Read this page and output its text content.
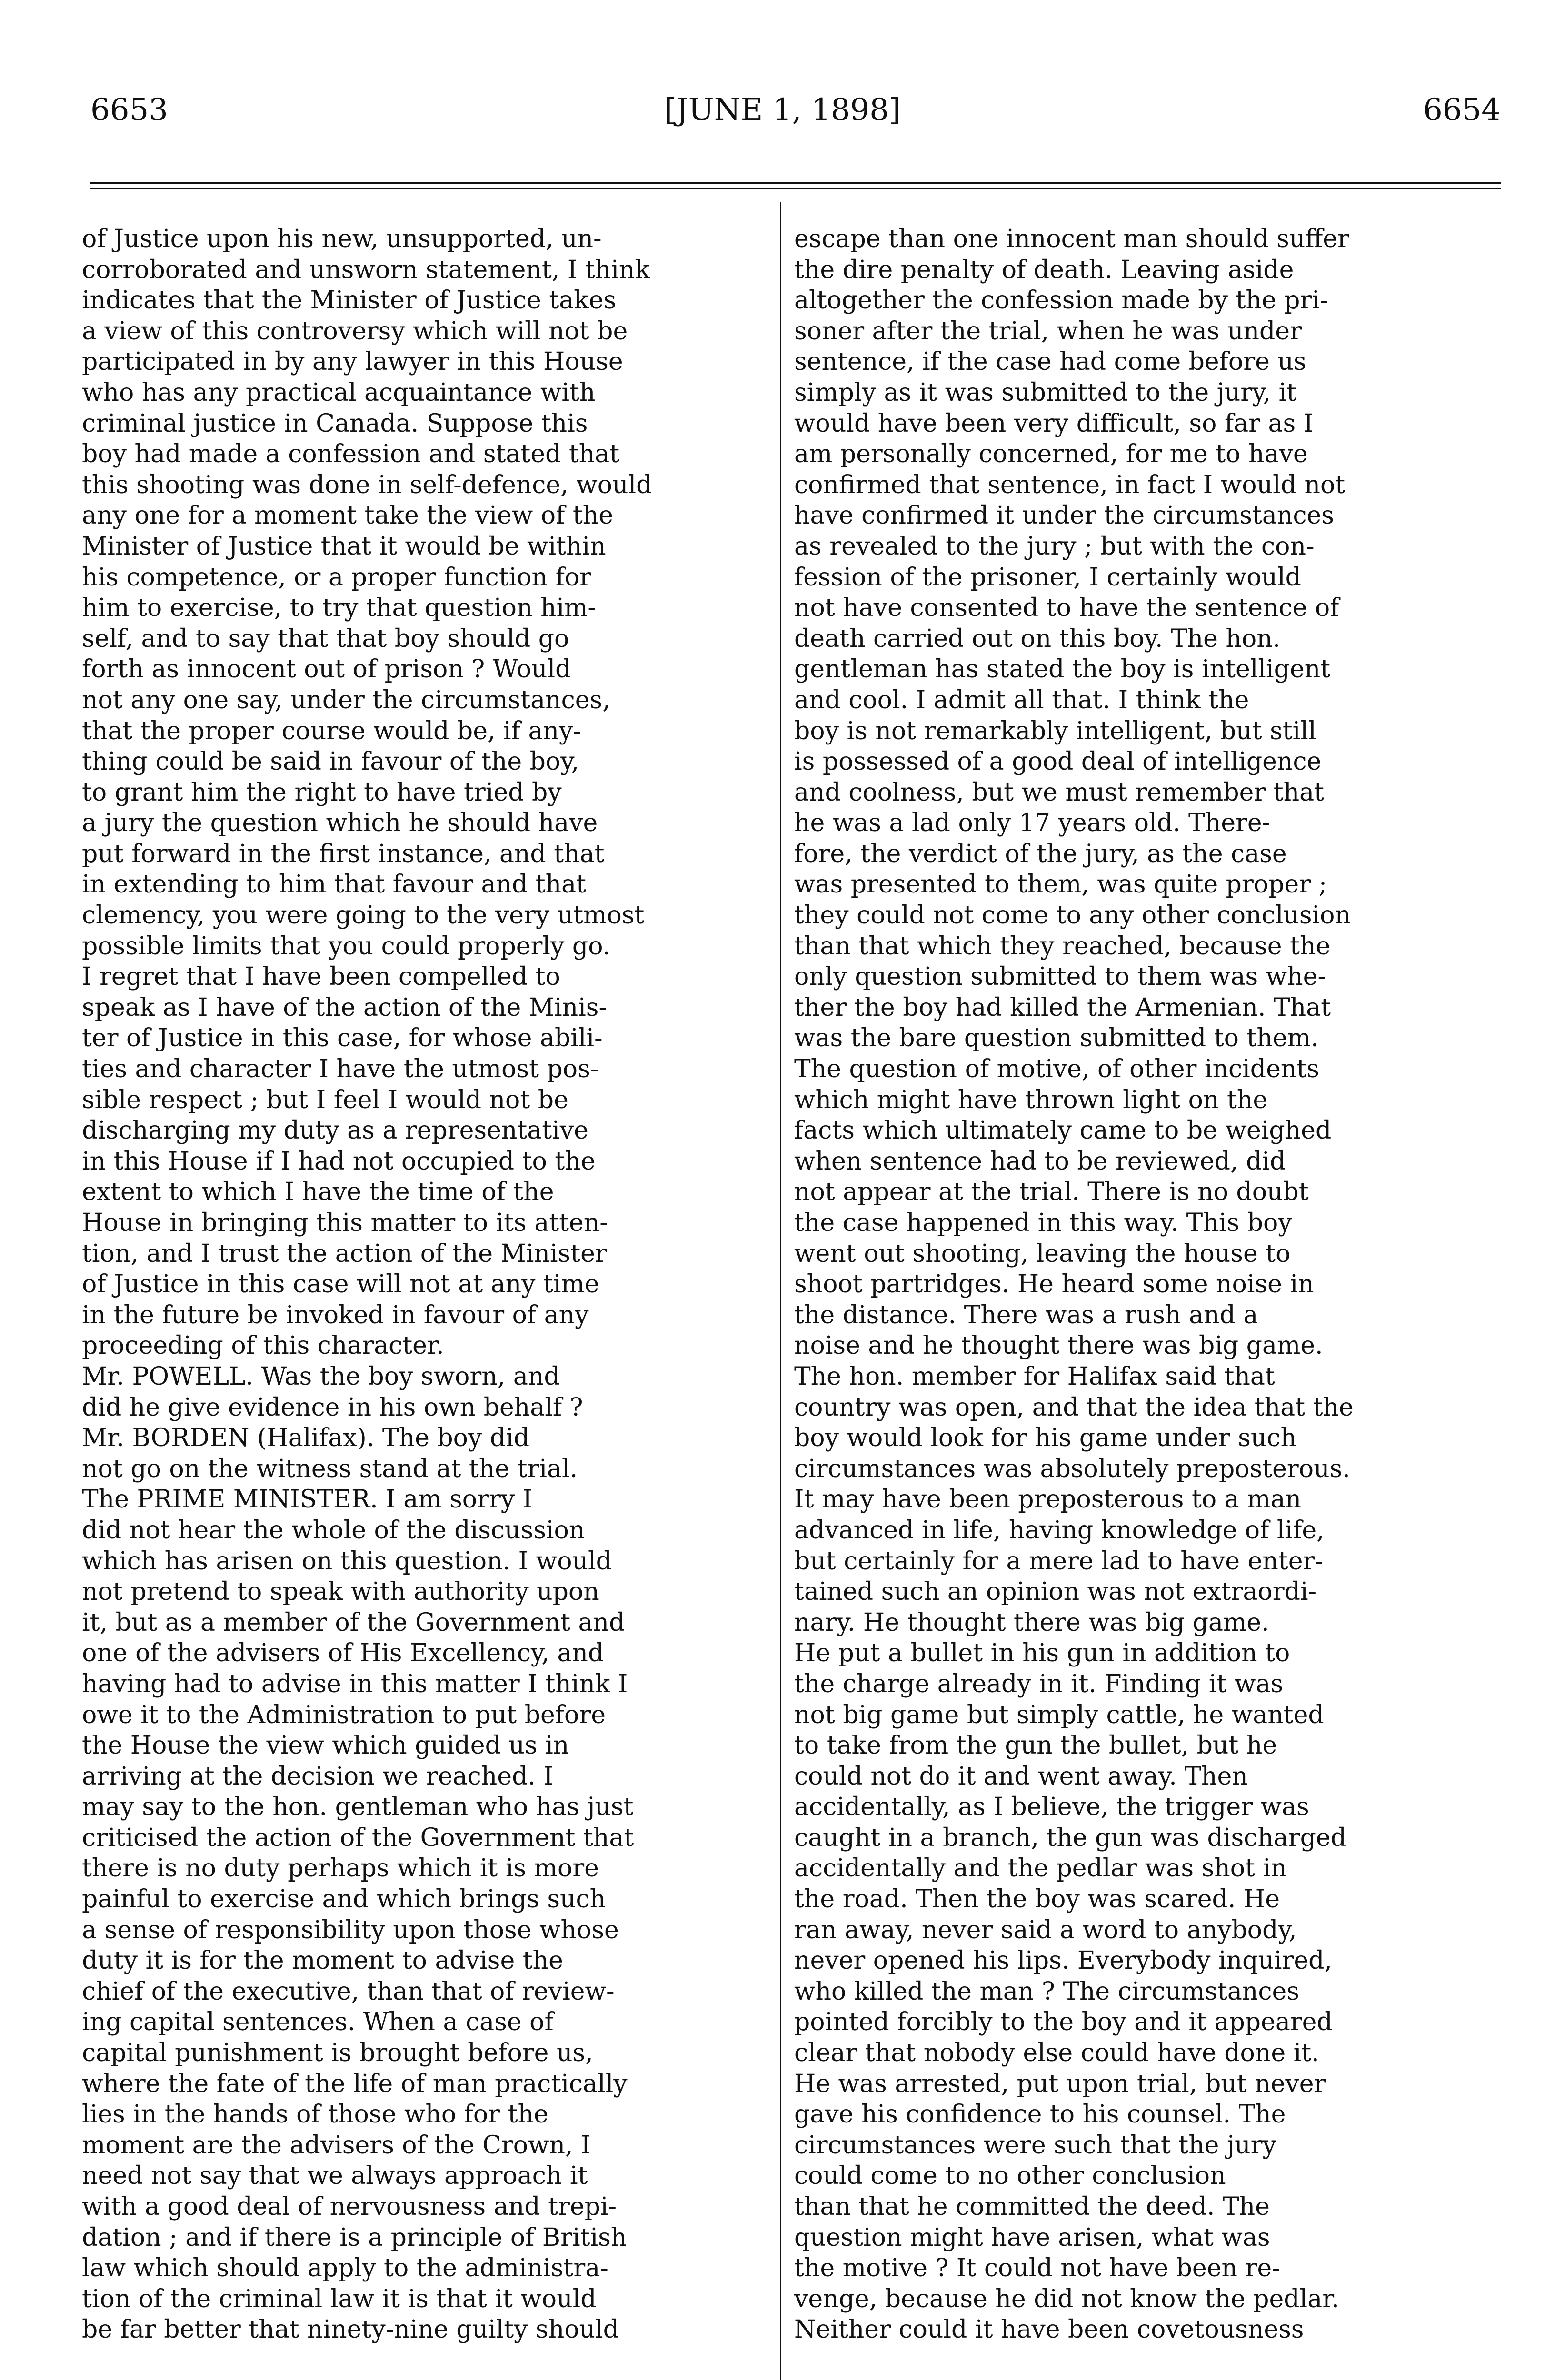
6653	[JUNE 1, 1898]	6654

of Justice upon his new, unsupported, un-

corroborated and unsworn statement, I think

indicates that the Minister of Justice takes

a view of this controversy which will not be

participated in by any lawyer in this House

who has any practical acquaintance with

criminal justice in Canada. Suppose this

boy had made a confession and stated that

this shooting was done in self-defence, would

any one for a moment take the view of the

Minister of Justice that it would be within

his competence, or a proper function for

him to exercise, to try that question him-

self, and to say that that boy should go

forth as innocent out of prison ? Would

not any one say, under the circumstances,

that the proper course would be, if any-

thing could be said in favour of the boy,

to grant him the right to have tried by

a jury the question which he should have

put forward in the first instance, and that

in extending to him that favour and that

clemency, you were going to the very utmost

possible limits that you could properly go.

I regret that I have been compelled to

speak as I have of the action of the Minis-

ter of Justice in this case, for whose abili-

ties and character I have the utmost pos-

sible respect ; but I feel I would not be

discharging my duty as a representative

in this House if I had not occupied to the

extent to which I have the time of the

House in bringing this matter to its atten-

tion, and I trust the action of the Minister

of Justice in this case will not at any time

in the future be invoked in favour of any

proceeding of this character.

Mr. POWELL. Was the boy sworn, and

did he give evidence in his own behalf ?

Mr. BORDEN (Halifax). The boy did

not go on the witness stand at the trial.

The PRIME MINISTER. I am sorry I

did not hear the whole of the discussion

which has arisen on this question. I would

not pretend to speak with authority upon

it, but as a member of the Government and

one of the advisers of His Excellency, and

having had to advise in this matter I think I

owe it to the Administration to put before

the House the view which guided us in

arriving at the decision we reached. I

may say to the hon. gentleman who has just

criticised the action of the Government that

there is no duty perhaps which it is more

painful to exercise and which brings such

a sense of responsibility upon those whose

duty it is for the moment to advise the

chief of the executive, than that of review-

ing capital sentences. When a case of

capital punishment is brought before us,

where the fate of the life of man practically

lies in the hands of those who for the

moment are the advisers of the Crown, I

need not say that we always approach it

with a good deal of nervousness and trepi-

dation ; and if there is a principle of British

law which should apply to the administra-

tion of the criminal law it is that it would

be far better that ninety-nine guilty should

escape than one innocent man should suffer

the dire penalty of death. Leaving aside

altogether the confession made by the pri-

soner after the trial, when he was under

sentence, if the case had come before us

simply as it was submitted to the jury, it

would have been very difficult, so far as I

am personally concerned, for me to have

confirmed that sentence, in fact I would not

have confirmed it under the circumstances

as revealed to the jury ; but with the con-

fession of the prisoner, I certainly would

not have consented to have the sentence of

death carried out on this boy. The hon.

gentleman has stated the boy is intelligent

and cool. I admit all that. I think the

boy is not remarkably intelligent, but still

is possessed of a good deal of intelligence

and coolness, but we must remember that

he was a lad only 17 years old. There-

fore, the verdict of the jury, as the case

was presented to them, was quite proper ;

they could not come to any other conclusion

than that which they reached, because the

only question submitted to them was whe-

ther the boy had killed the Armenian. That

was the bare question submitted to them.

The question of motive, of other incidents

which might have thrown light on the

facts which ultimately came to be weighed

when sentence had to be reviewed, did

not appear at the trial. There is no doubt

the case happened in this way. This boy

went out shooting, leaving the house to

shoot partridges. He heard some noise in

the distance. There was a rush and a

noise and he thought there was big game.

The hon. member for Halifax said that

country was open, and that the idea that the

boy would look for his game under such

circumstances was absolutely preposterous.

It may have been preposterous to a man

advanced in life, having knowledge of life,

but certainly for a mere lad to have enter-

tained such an opinion was not extraordi-

nary. He thought there was big game.

He put a bullet in his gun in addition to

the charge already in it. Finding it was

not big game but simply cattle, he wanted

to take from the gun the bullet, but he

could not do it and went away. Then

accidentally, as I believe, the trigger was

caught in a branch, the gun was discharged

accidentally and the pedlar was shot in

the road. Then the boy was scared. He

ran away, never said a word to anybody,

never opened his lips. Everybody inquired,

who killed the man ? The circumstances

pointed forcibly to the boy and it appeared

clear that nobody else could have done it.

He was arrested, put upon trial, but never

gave his confidence to his counsel. The

circumstances were such that the jury

could come to no other conclusion

than that he committed the deed. The

question might have arisen, what was

the motive ? It could not have been re-

venge, because he did not know the pedlar.

Neither could it have been covetousness
